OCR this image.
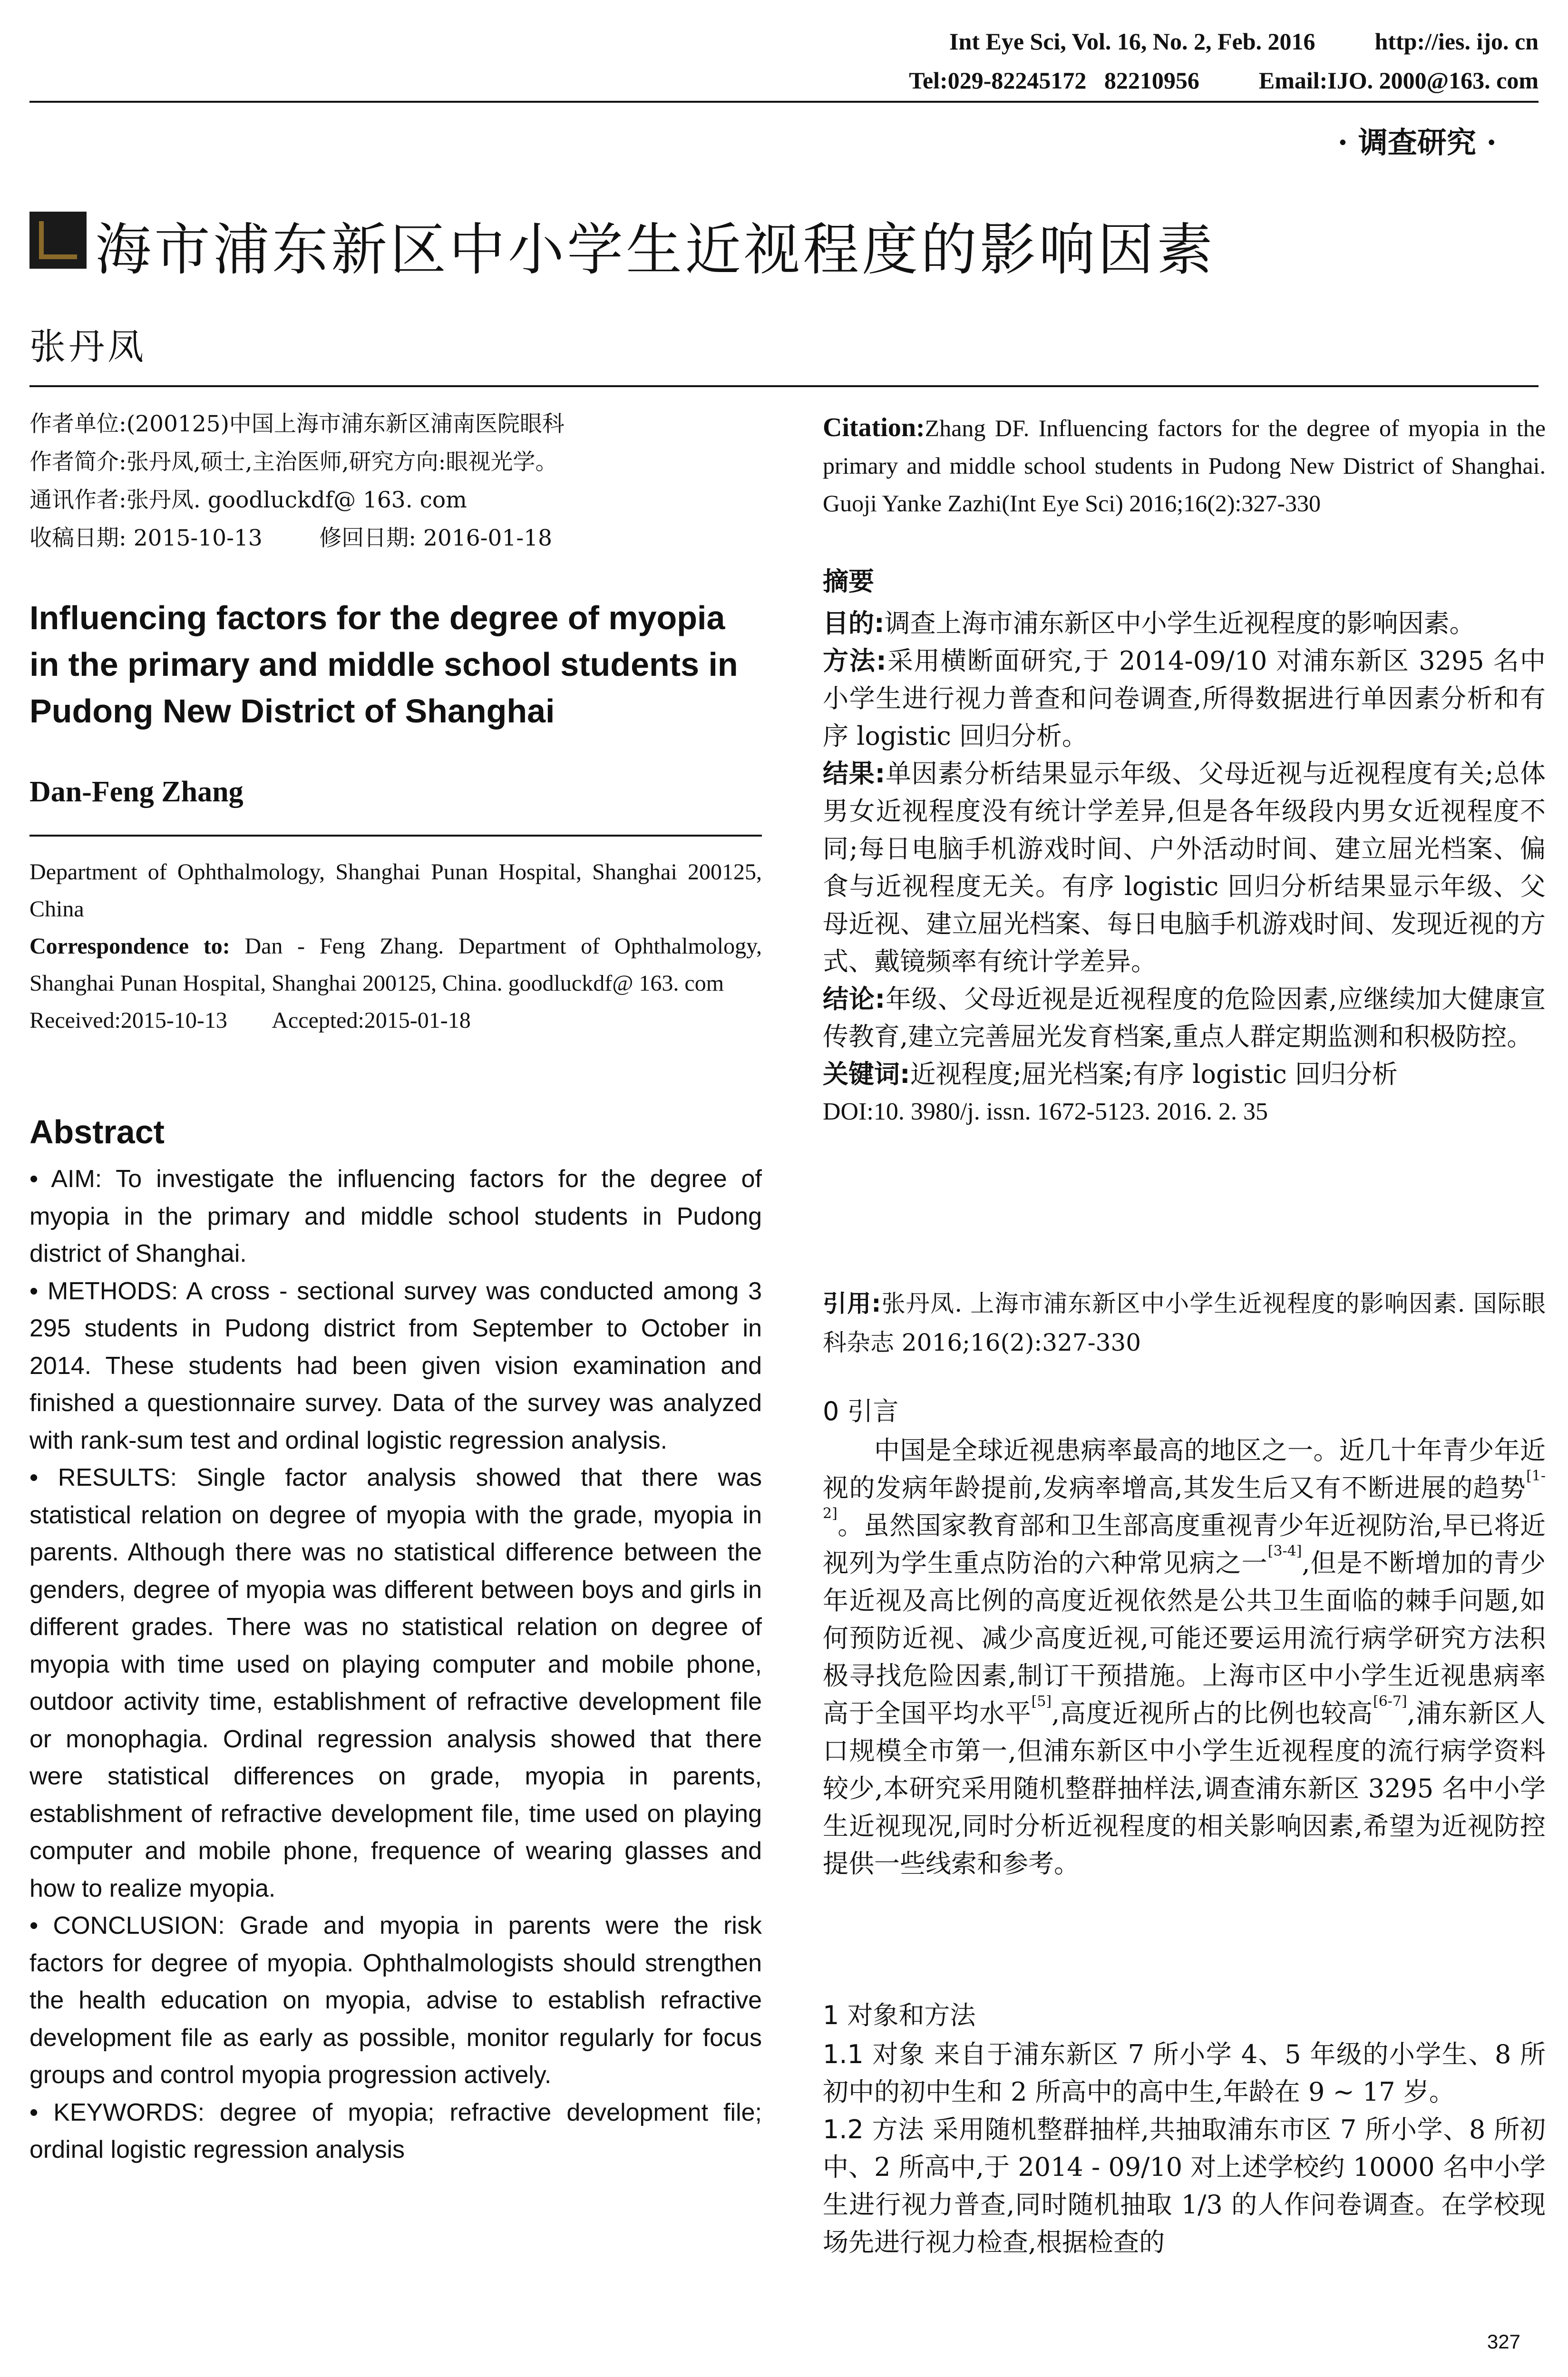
Int Eye Sci, Vol. 16, No. 2, Feb. 2016	http://ies. ijo. cn
Tel:029-82245172   82210956	Email:IJO. 2000@163. com
· 调查研究 ·
海市浦东新区中小学生近视程度的影响因素
张丹凤
作者单位:(200125)中国上海市浦东新区浦南医院眼科
作者简介:张丹凤,硕士,主治医师,研究方向:眼视光学。
通讯作者:张丹凤. goodluckdf@ 163. com
收稿日期: 2015-10-13        修回日期: 2016-01-18
Influencing factors for the degree of myopia in the primary and middle school students in Pudong New District of Shanghai
Dan-Feng Zhang
Department of Ophthalmology, Shanghai Punan Hospital, Shanghai 200125, China
Correspondence to: Dan - Feng Zhang. Department of Ophthalmology, Shanghai Punan Hospital, Shanghai 200125, China. goodluckdf@ 163. com
Received:2015-10-13        Accepted:2015-01-18
Abstract

• AIM: To investigate the influencing factors for the degree of myopia in the primary and middle school students in Pudong district of Shanghai.

• METHODS: A cross - sectional survey was conducted among 3 295 students in Pudong district from September to October in 2014. These students had been given vision examination and finished a questionnaire survey. Data of the survey was analyzed with rank-sum test and ordinal logistic regression analysis.

• RESULTS: Single factor analysis showed that there was statistical relation on degree of myopia with the grade, myopia in parents. Although there was no statistical difference between the genders, degree of myopia was different between boys and girls in different grades. There was no statistical relation on degree of myopia with time used on playing computer and mobile phone, outdoor activity time, establishment of refractive development file or monophagia. Ordinal regression analysis showed that there were statistical differences on grade, myopia in parents, establishment of refractive development file, time used on playing computer and mobile phone, frequence of wearing glasses and how to realize myopia.

• CONCLUSION: Grade and myopia in parents were the risk factors for degree of myopia. Ophthalmologists should strengthen the health education on myopia, advise to establish refractive development file as early as possible, monitor regularly for focus groups and control myopia progression actively.

• KEYWORDS: degree of myopia; refractive development file; ordinal logistic regression analysis

Citation:Zhang DF. Influencing factors for the degree of myopia in the primary and middle school students in Pudong New District of Shanghai. Guoji Yanke Zazhi(Int Eye Sci) 2016;16(2):327-330
摘要

目的:调查上海市浦东新区中小学生近视程度的影响因素。

方法:采用横断面研究,于 2014-09/10 对浦东新区 3295 名中小学生进行视力普查和问卷调查,所得数据进行单因素分析和有序 logistic 回归分析。

结果:单因素分析结果显示年级、父母近视与近视程度有关;总体男女近视程度没有统计学差异,但是各年级段内男女近视程度不同;每日电脑手机游戏时间、户外活动时间、建立屈光档案、偏食与近视程度无关。有序 logistic 回归分析结果显示年级、父母近视、建立屈光档案、每日电脑手机游戏时间、发现近视的方式、戴镜频率有统计学差异。

结论:年级、父母近视是近视程度的危险因素,应继续加大健康宣传教育,建立完善屈光发育档案,重点人群定期监测和积极防控。

关键词:近视程度;屈光档案;有序 logistic 回归分析

DOI:10. 3980/j. issn. 1672-5123. 2016. 2. 35

引用:张丹凤. 上海市浦东新区中小学生近视程度的影响因素. 国际眼科杂志 2016;16(2):327-330
0 引言

中国是全球近视患病率最高的地区之一。近几十年青少年近视的发病年龄提前,发病率增高,其发生后又有不断进展的趋势[1-2]。虽然国家教育部和卫生部高度重视青少年近视防治,早已将近视列为学生重点防治的六种常见病之一[3-4],但是不断增加的青少年近视及高比例的高度近视依然是公共卫生面临的棘手问题,如何预防近视、减少高度近视,可能还要运用流行病学研究方法积极寻找危险因素,制订干预措施。上海市区中小学生近视患病率高于全国平均水平[5],高度近视所占的比例也较高[6-7],浦东新区人口规模全市第一,但浦东新区中小学生近视程度的流行病学资料较少,本研究采用随机整群抽样法,调查浦东新区 3295 名中小学生近视现况,同时分析近视程度的相关影响因素,希望为近视防控提供一些线索和参考。

1 对象和方法

1.1 对象 来自于浦东新区 7 所小学 4、5 年级的小学生、8 所初中的初中生和 2 所高中的高中生,年龄在 9 ~ 17 岁。

1.2 方法 采用随机整群抽样,共抽取浦东市区 7 所小学、8 所初中、2 所高中,于 2014 - 09/10 对上述学校约 10000 名中小学生进行视力普查,同时随机抽取 1/3 的人作问卷调查。在学校现场先进行视力检查,根据检查的

327
